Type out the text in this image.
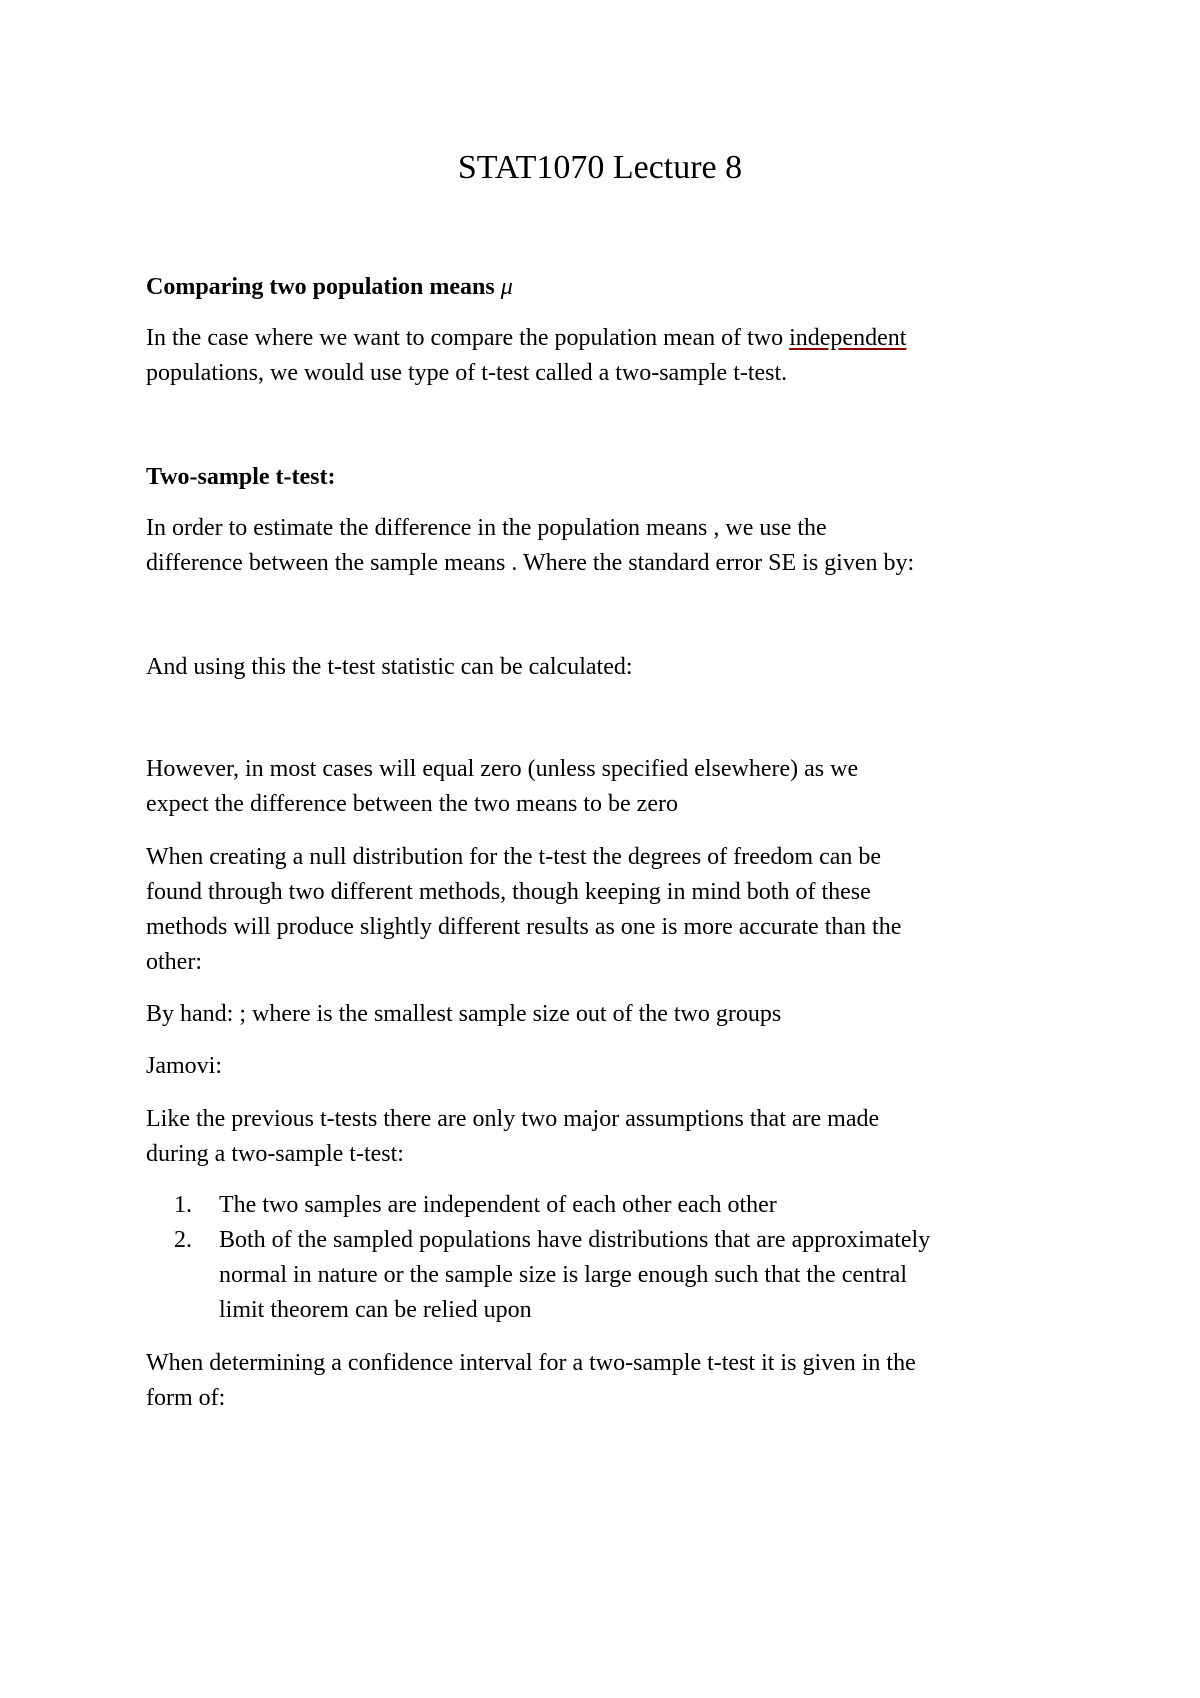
STAT1070 Lecture 8
Comparing two population means μ
In the case where we want to compare the population mean of two independent
populations, we would use type of t-test called a two-sample t-test.
Two-sample t-test:
In order to estimate the difference in the population means , we use the
difference between the sample means . Where the standard error SE is given by:
And using this the t-test statistic can be calculated:
However, in most cases will equal zero (unless specified elsewhere) as we
expect the difference between the two means to be zero
When creating a null distribution for the t-test the degrees of freedom can be
found through two different methods, though keeping in mind both of these
methods will produce slightly different results as one is more accurate than the
other:
By hand: ; where is the smallest sample size out of the two groups
Jamovi:
Like the previous t-tests there are only two major assumptions that are made
during a two-sample t-test:
1. The two samples are independent of each other each other
2. Both of the sampled populations have distributions that are approximately
normal in nature or the sample size is large enough such that the central
limit theorem can be relied upon
When determining a confidence interval for a two-sample t-test it is given in the
form of:
